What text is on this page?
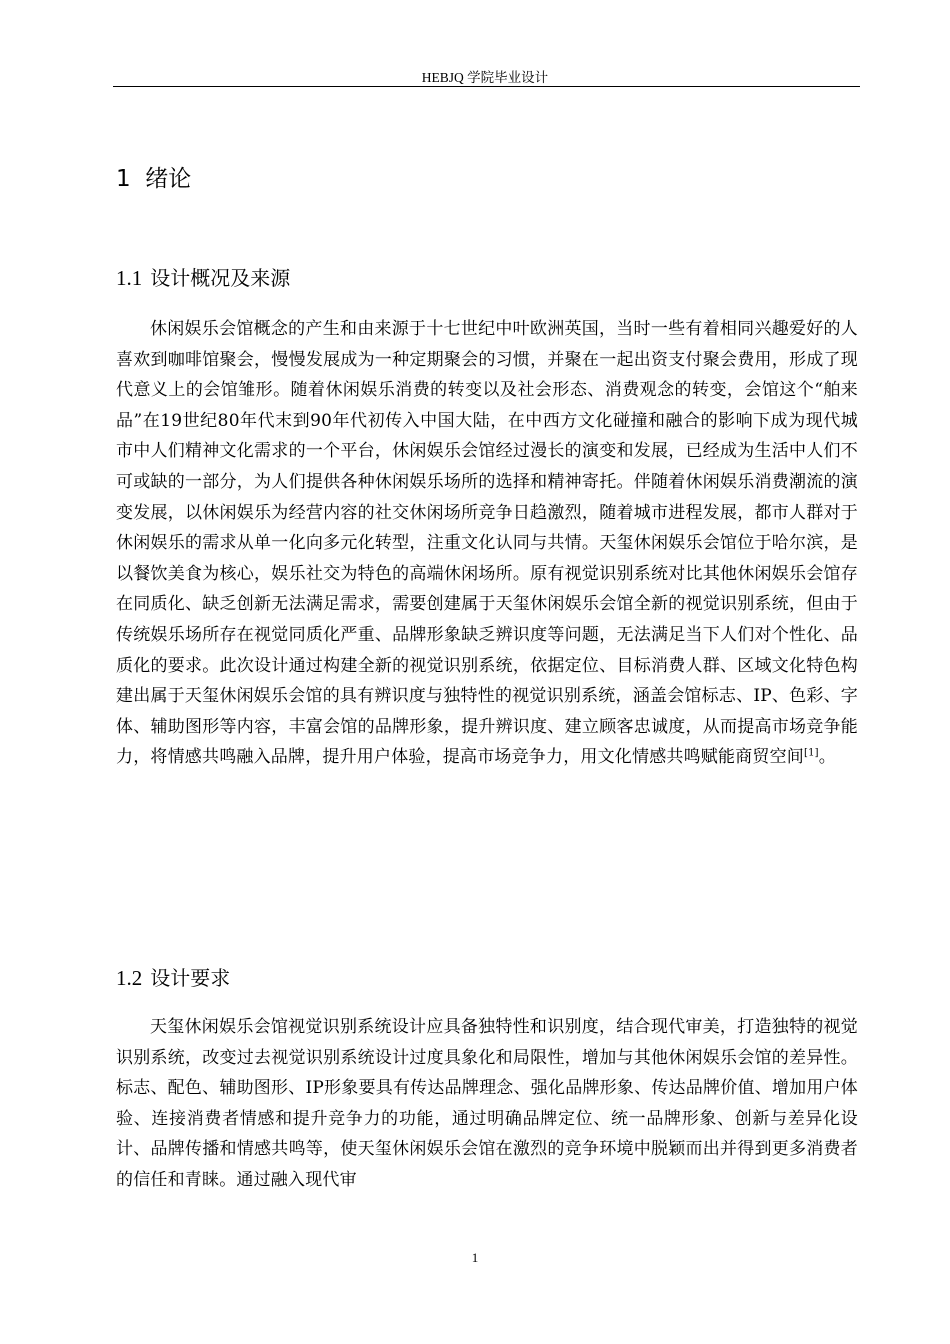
HEBJQ 学院毕业设计
1 绪论
1.1 设计概况及来源

休闲娱乐会馆概念的产生和由来源于十七世纪中叶欧洲英国，当时一些有着相同兴趣爱好的人喜欢到咖啡馆聚会，慢慢发展成为一种定期聚会的习惯，并聚在一起出资支付聚会费用，形成了现代意义上的会馆雏形。随着休闲娱乐消费的转变以及社会形态、消费观念的转变，会馆这个“舶来品”在19世纪80年代末到90年代初传入中国大陆，在中西方文化碰撞和融合的影响下成为现代城市中人们精神文化需求的一个平台，休闲娱乐会馆经过漫长的演变和发展，已经成为生活中人们不可或缺的一部分，为人们提供各种休闲娱乐场所的选择和精神寄托。伴随着休闲娱乐消费潮流的演变发展，以休闲娱乐为经营内容的社交休闲场所竞争日趋激烈，随着城市进程发展，都市人群对于休闲娱乐的需求从单一化向多元化转型，注重文化认同与共情。天玺休闲娱乐会馆位于哈尔滨，是以餐饮美食为核心，娱乐社交为特色的高端休闲场所。原有视觉识别系统对比其他休闲娱乐会馆存在同质化、缺乏创新无法满足需求，需要创建属于天玺休闲娱乐会馆全新的视觉识别系统，但由于传统娱乐场所存在视觉同质化严重、品牌形象缺乏辨识度等问题，无法满足当下人们对个性化、品质化的要求。此次设计通过构建全新的视觉识别系统，依据定位、目标消费人群、区域文化特色构建出属于天玺休闲娱乐会馆的具有辨识度与独特性的视觉识别系统，涵盖会馆标志、IP、色彩、字体、辅助图形等内容，丰富会馆的品牌形象，提升辨识度、建立顾客忠诚度，从而提高市场竞争能力，将情感共鸣融入品牌，提升用户体验，提高市场竞争力，用文化情感共鸣赋能商贸空间[1]。

1.2 设计要求

天玺休闲娱乐会馆视觉识别系统设计应具备独特性和识别度，结合现代审美，打造独特的视觉识别系统，改变过去视觉识别系统设计过度具象化和局限性，增加与其他休闲娱乐会馆的差异性。标志、配色、辅助图形、IP形象要具有传达品牌理念、强化品牌形象、传达品牌价值、增加用户体验、连接消费者情感和提升竞争力的功能，通过明确品牌定位、统一品牌形象、创新与差异化设计、品牌传播和情感共鸣等，使天玺休闲娱乐会馆在激烈的竞争环境中脱颖而出并得到更多消费者的信任和青睐。通过融入现代审

1
